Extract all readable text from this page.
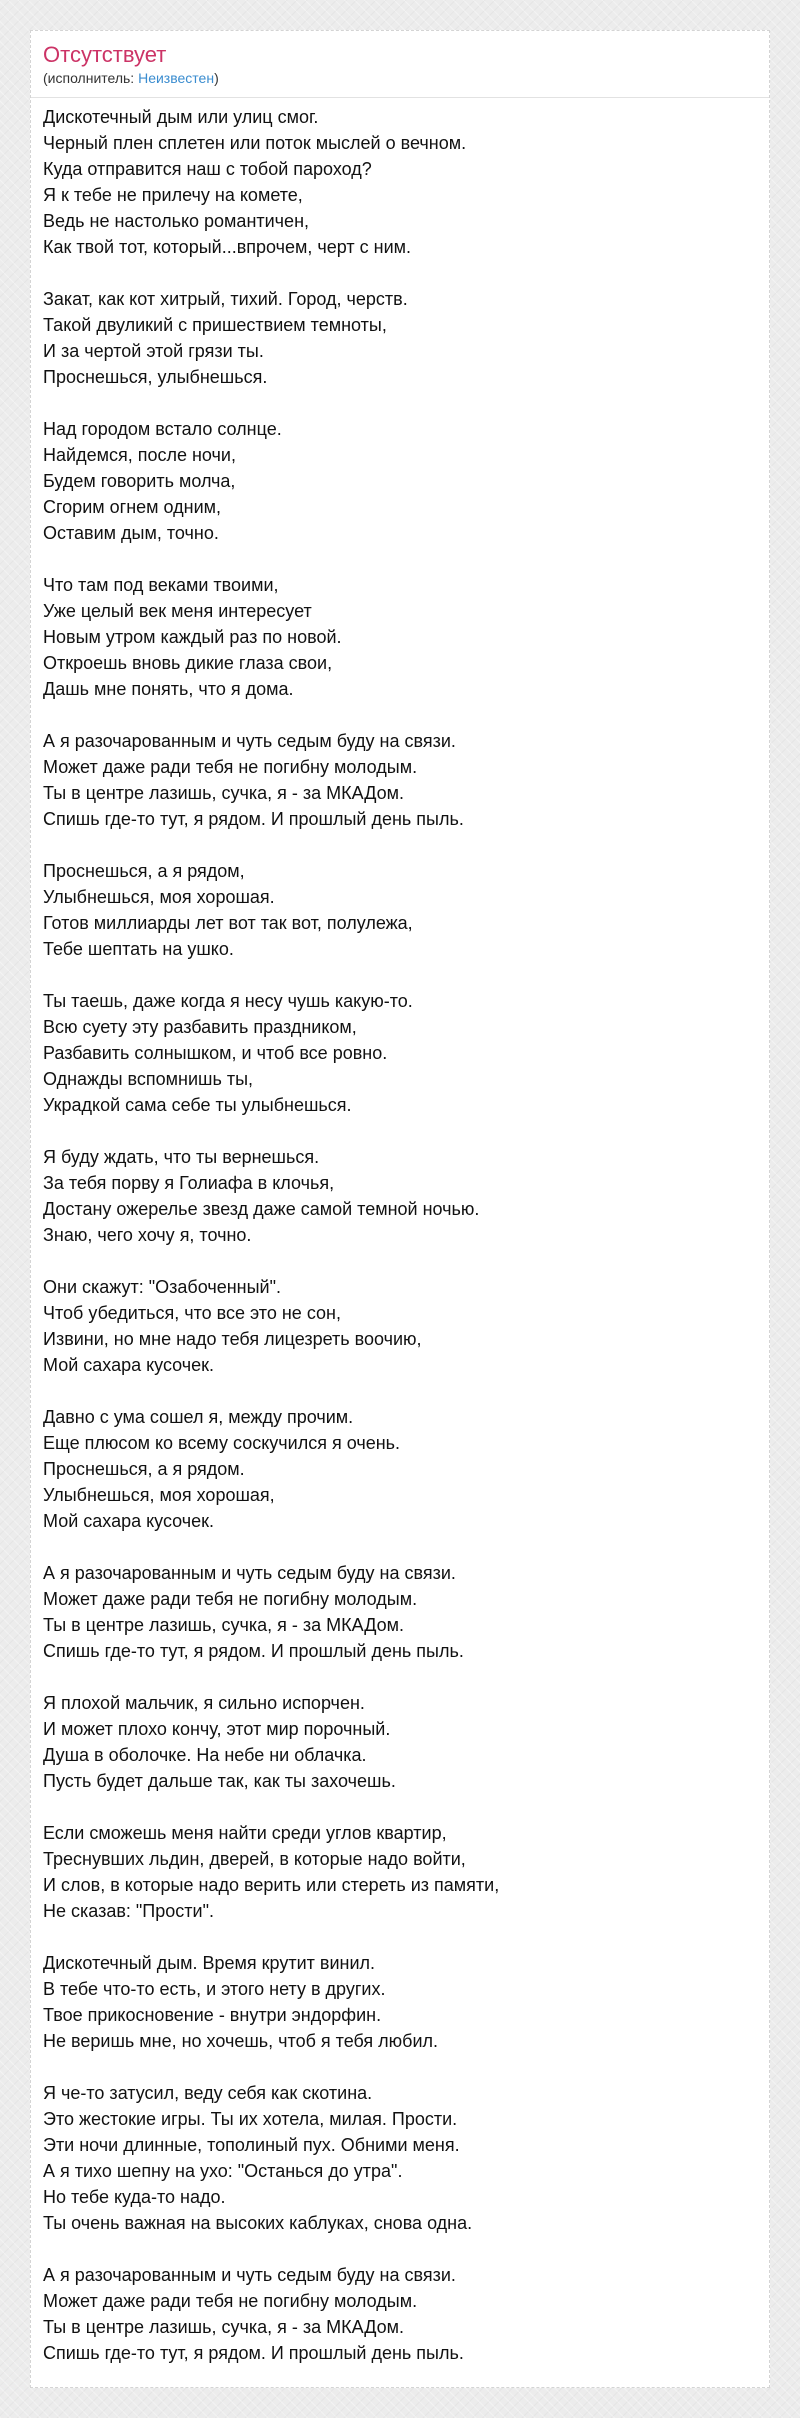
Отсутствует
(исполнитель: Неизвестен)
Дискотечный дым или улиц смог.
Черный плен сплетен или поток мыслей о вечном.
Куда отправится наш с тобой пароход?
Я к тебе не прилечу на комете,
Ведь не настолько романтичен,
Как твой тот, который...впрочем, черт с ним.
Закат, как кот хитрый, тихий. Город, черств.
Такой двуликий с пришествием темноты,
И за чертой этой грязи ты.
Проснешься, улыбнешься.
Над городом встало солнце.
Найдемся, после ночи,
Будем говорить молча,
Сгорим огнем одним,
Оставим дым, точно.
Что там под веками твоими,
Уже целый век меня интересует
Новым утром каждый раз по новой.
Откроешь вновь дикие глаза свои,
Дашь мне понять, что я дома.
А я разочарованным и чуть седым буду на связи.
Может даже ради тебя не погибну молодым.
Ты в центре лазишь, сучка, я - за МКАДом.
Спишь где-то тут, я рядом. И прошлый день пыль.
Проснешься, а я рядом,
Улыбнешься, моя хорошая.
Готов миллиарды лет вот так вот, полулежа,
Тебе шептать на ушко.
Ты таешь, даже когда я несу чушь какую-то.
Всю суету эту разбавить праздником,
Разбавить солнышком, и чтоб все ровно.
Однажды вспомнишь ты,
Украдкой сама себе ты улыбнешься.
Я буду ждать, что ты вернешься.
За тебя порву я Голиафа в клочья,
Достану ожерелье звезд даже самой темной ночью.
Знаю, чего хочу я, точно.
Они скажут: "Озабоченный".
Чтоб убедиться, что все это не сон,
Извини, но мне надо тебя лицезреть воочию,
Мой сахара кусочек.
Давно с ума сошел я, между прочим.
Еще плюсом ко всему соскучился я очень.
Проснешься, а я рядом.
Улыбнешься, моя хорошая,
Мой сахара кусочек.
А я разочарованным и чуть седым буду на связи.
Может даже ради тебя не погибну молодым.
Ты в центре лазишь, сучка, я - за МКАДом.
Спишь где-то тут, я рядом. И прошлый день пыль.
Я плохой мальчик, я сильно испорчен.
И может плохо кончу, этот мир порочный.
Душа в оболочке. На небе ни облачка.
Пусть будет дальше так, как ты захочешь.
Если сможешь меня найти среди углов квартир,
Треснувших льдин, дверей, в которые надо войти,
И слов, в которые надо верить или стереть из памяти,
Не сказав: "Прости".
Дискотечный дым. Время крутит винил.
В тебе что-то есть, и этого нету в других.
Твое прикосновение - внутри эндорфин.
Не веришь мне, но хочешь, чтоб я тебя любил.
Я че-то затусил, веду себя как скотина.
Это жестокие игры. Ты их хотела, милая. Прости.
Эти ночи длинные, тополиный пух. Обними меня.
А я тихо шепну на ухо: "Останься до утра".
Но тебе куда-то надо.
Ты очень важная на высоких каблуках, снова одна.
А я разочарованным и чуть седым буду на связи.
Может даже ради тебя не погибну молодым.
Ты в центре лазишь, сучка, я - за МКАДом.
Спишь где-то тут, я рядом. И прошлый день пыль.
